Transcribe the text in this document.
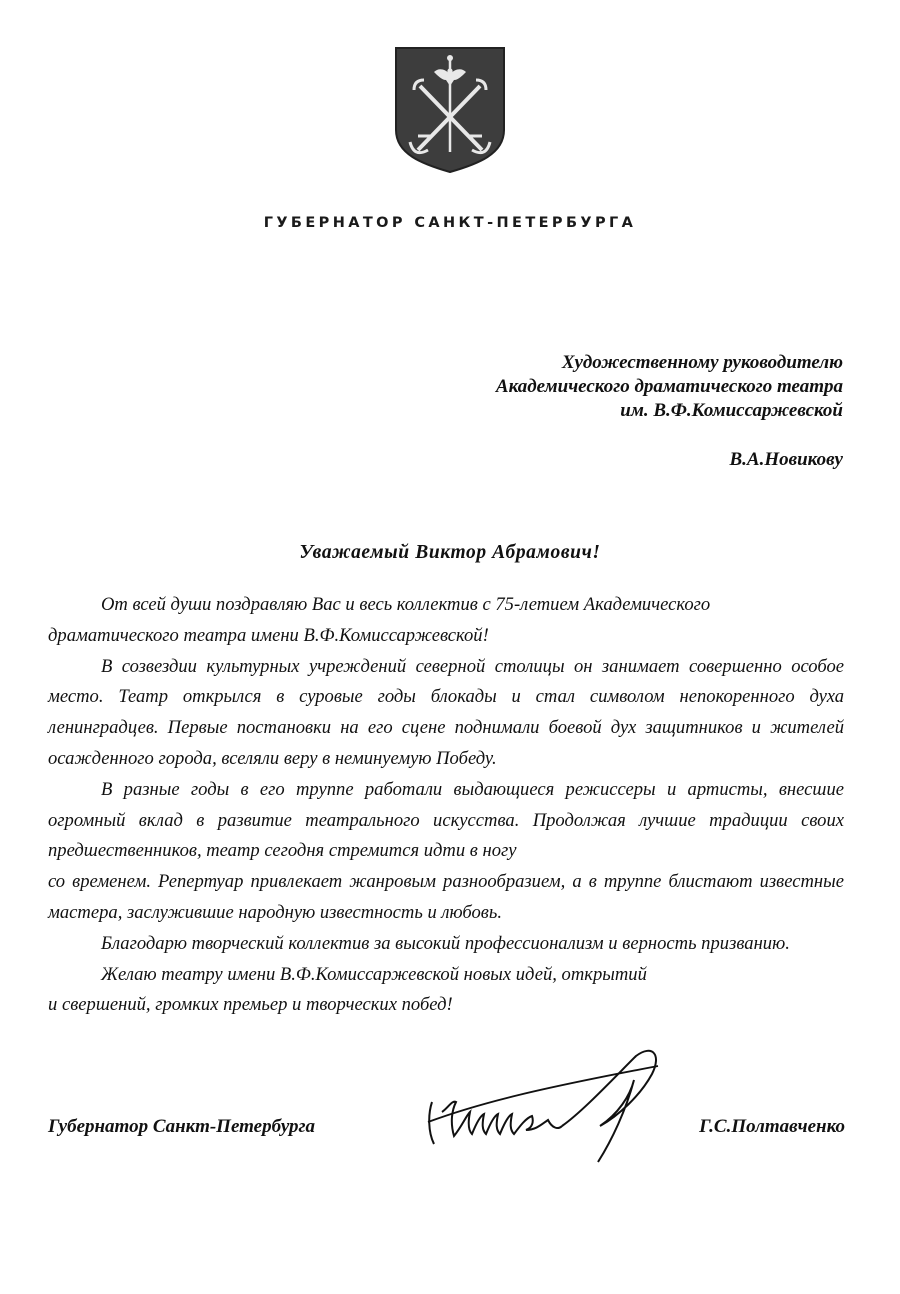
ГУБЕРНАТОР САНКТ-ПЕТЕРБУРГА
Художественному руководителю
Академического драматического театра
им. В.Ф.Комиссаржевской
В.А.Новикову
Уважаемый Виктор Абрамович!

От всей души поздравляю Вас и весь коллектив с 75-летием Академического
драматического театра имени В.Ф.Комиссаржевской!

В созвездии культурных учреждений северной столицы он занимает совершенно особое место. Театр открылся в суровые годы блокады и стал символом непокоренного духа ленинградцев. Первые постановки на его сцене поднимали боевой дух защитников и жителей осажденного города, вселяли веру в неминуемую Победу.

В разные годы в его труппе работали выдающиеся режиссеры и артисты, внесшие огромный вклад в развитие театрального искусства. Продолжая лучшие традиции своих предшественников, театр сегодня стремится идти в ногу
со временем. Репертуар привлекает жанровым разнообразием, а в труппе блистают известные мастера, заслужившие народную известность и любовь.

Благодарю творческий коллектив за высокий профессионализм и верность призванию.

Желаю театру имени В.Ф.Комиссаржевской новых идей, открытий
и свершений, громких премьер и творческих побед!

Губернатор Санкт-Петербурга	Г.С.Полтавченко
